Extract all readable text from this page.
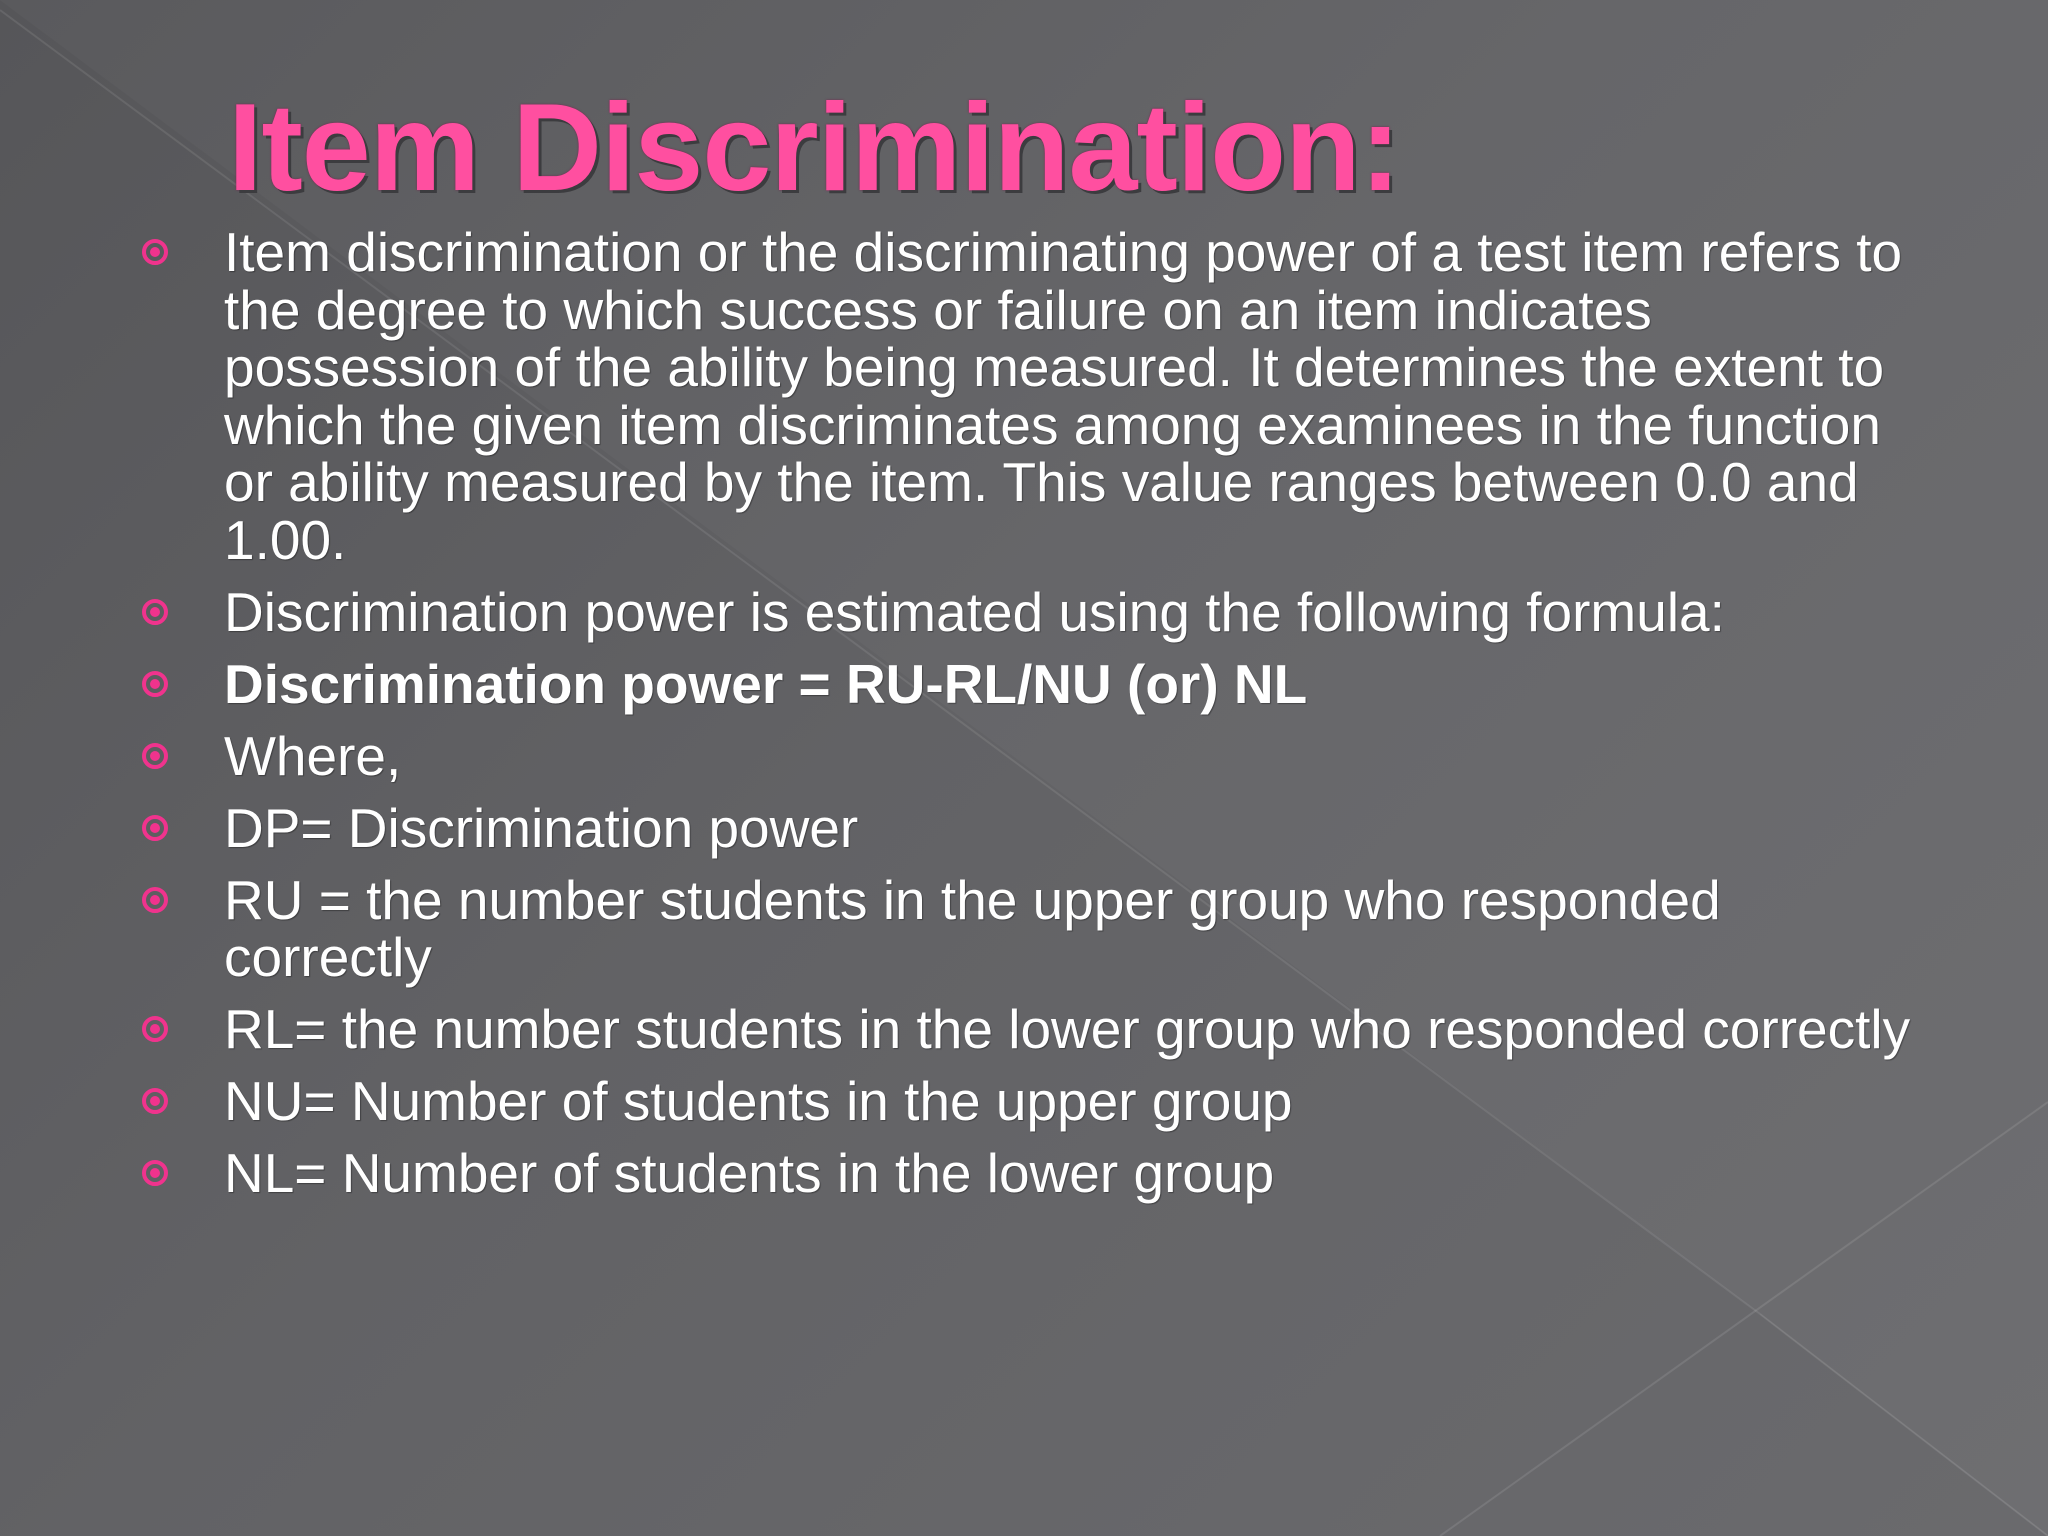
Item Discrimination:
Item discrimination or the discriminating power of a test item refers to the degree to which success or failure on an item indicates possession of the ability being measured. It determines the extent to which the given item discriminates among examinees in the function or ability measured by the item. This value ranges between 0.0 and 1.00.
Discrimination power is estimated using the following formula:
Discrimination power = RU-RL/NU (or) NL
Where,
DP= Discrimination power
RU = the number students in the upper group who responded correctly
RL= the number students in the lower group who responded correctly
NU= Number of students in the upper group
NL= Number of students in the lower group
